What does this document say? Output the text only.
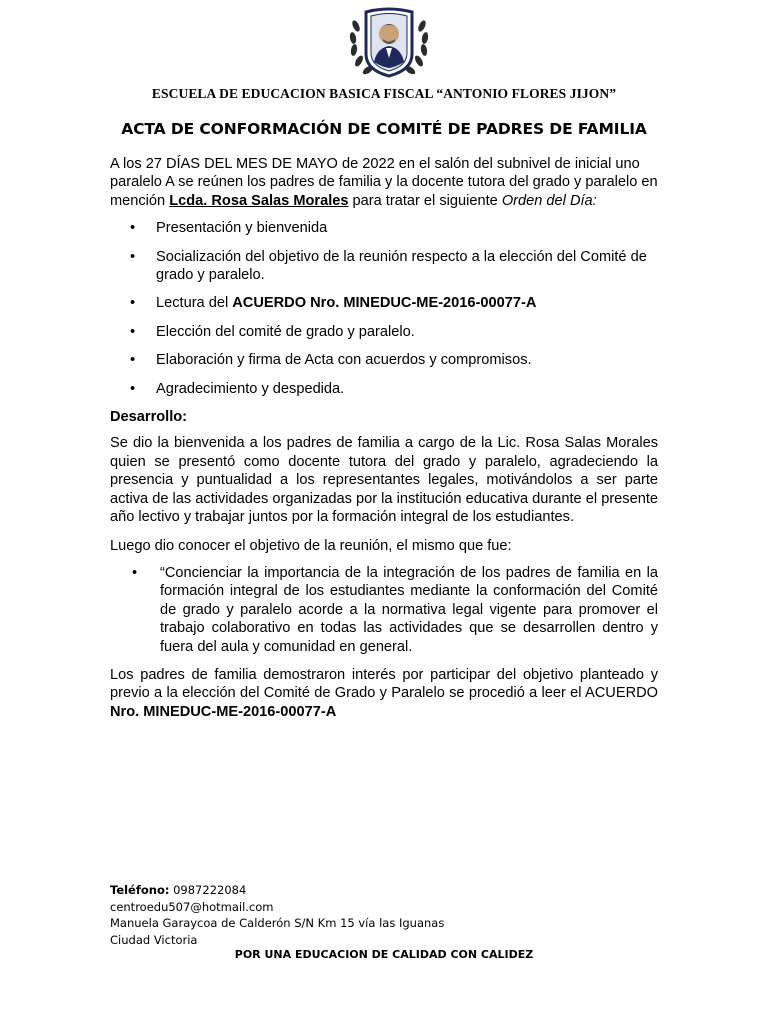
ESCUELA DE EDUCACION BASICA FISCAL “ANTONIO FLORES JIJON”
ACTA DE CONFORMACIÓN DE COMITÉ DE PADRES DE FAMILIA

A los 27 DÍAS DEL MES DE MAYO de 2022 en el salón del subnivel de inicial uno paralelo A se reúnen los padres de familia y la docente tutora del grado y paralelo en mención Lcda. Rosa Salas Morales para tratar el siguiente Orden del Día:

• Presentación y bienvenida
• Socialización del objetivo de la reunión respecto a la elección del Comité de grado y paralelo.
• Lectura del ACUERDO Nro. MINEDUC-ME-2016-00077-A
• Elección del comité de grado y paralelo.
• Elaboración y firma de Acta con acuerdos y compromisos.
• Agradecimiento y despedida.

Desarrollo:

Se dio la bienvenida a los padres de familia a cargo de la Lic. Rosa Salas Morales quien se presentó como docente tutora del grado y paralelo, agradeciendo la presencia y puntualidad a los representantes legales, motivándolos a ser parte activa de las actividades organizadas por la institución educativa durante el presente año lectivo y trabajar juntos por la formación integral de los estudiantes.

Luego dio conocer el objetivo de la reunión, el mismo que fue:

• “Concienciar la importancia de la integración de los padres de familia en la formación integral de los estudiantes mediante la conformación del Comité de grado y paralelo acorde a la normativa legal vigente para promover el trabajo colaborativo en todas las actividades que se desarrollen dentro y fuera del aula y comunidad en general.

Los padres de familia demostraron interés por participar del objetivo planteado y previo a la elección del Comité de Grado y Paralelo se procedió a leer el ACUERDO Nro. MINEDUC-ME-2016-00077-A

Teléfono: 0987222084
centroedu507@hotmail.com
Manuela Garaycoa de Calderón S/N Km 15 vía las Iguanas
Ciudad Victoria
POR UNA EDUCACION DE CALIDAD CON CALIDEZ
